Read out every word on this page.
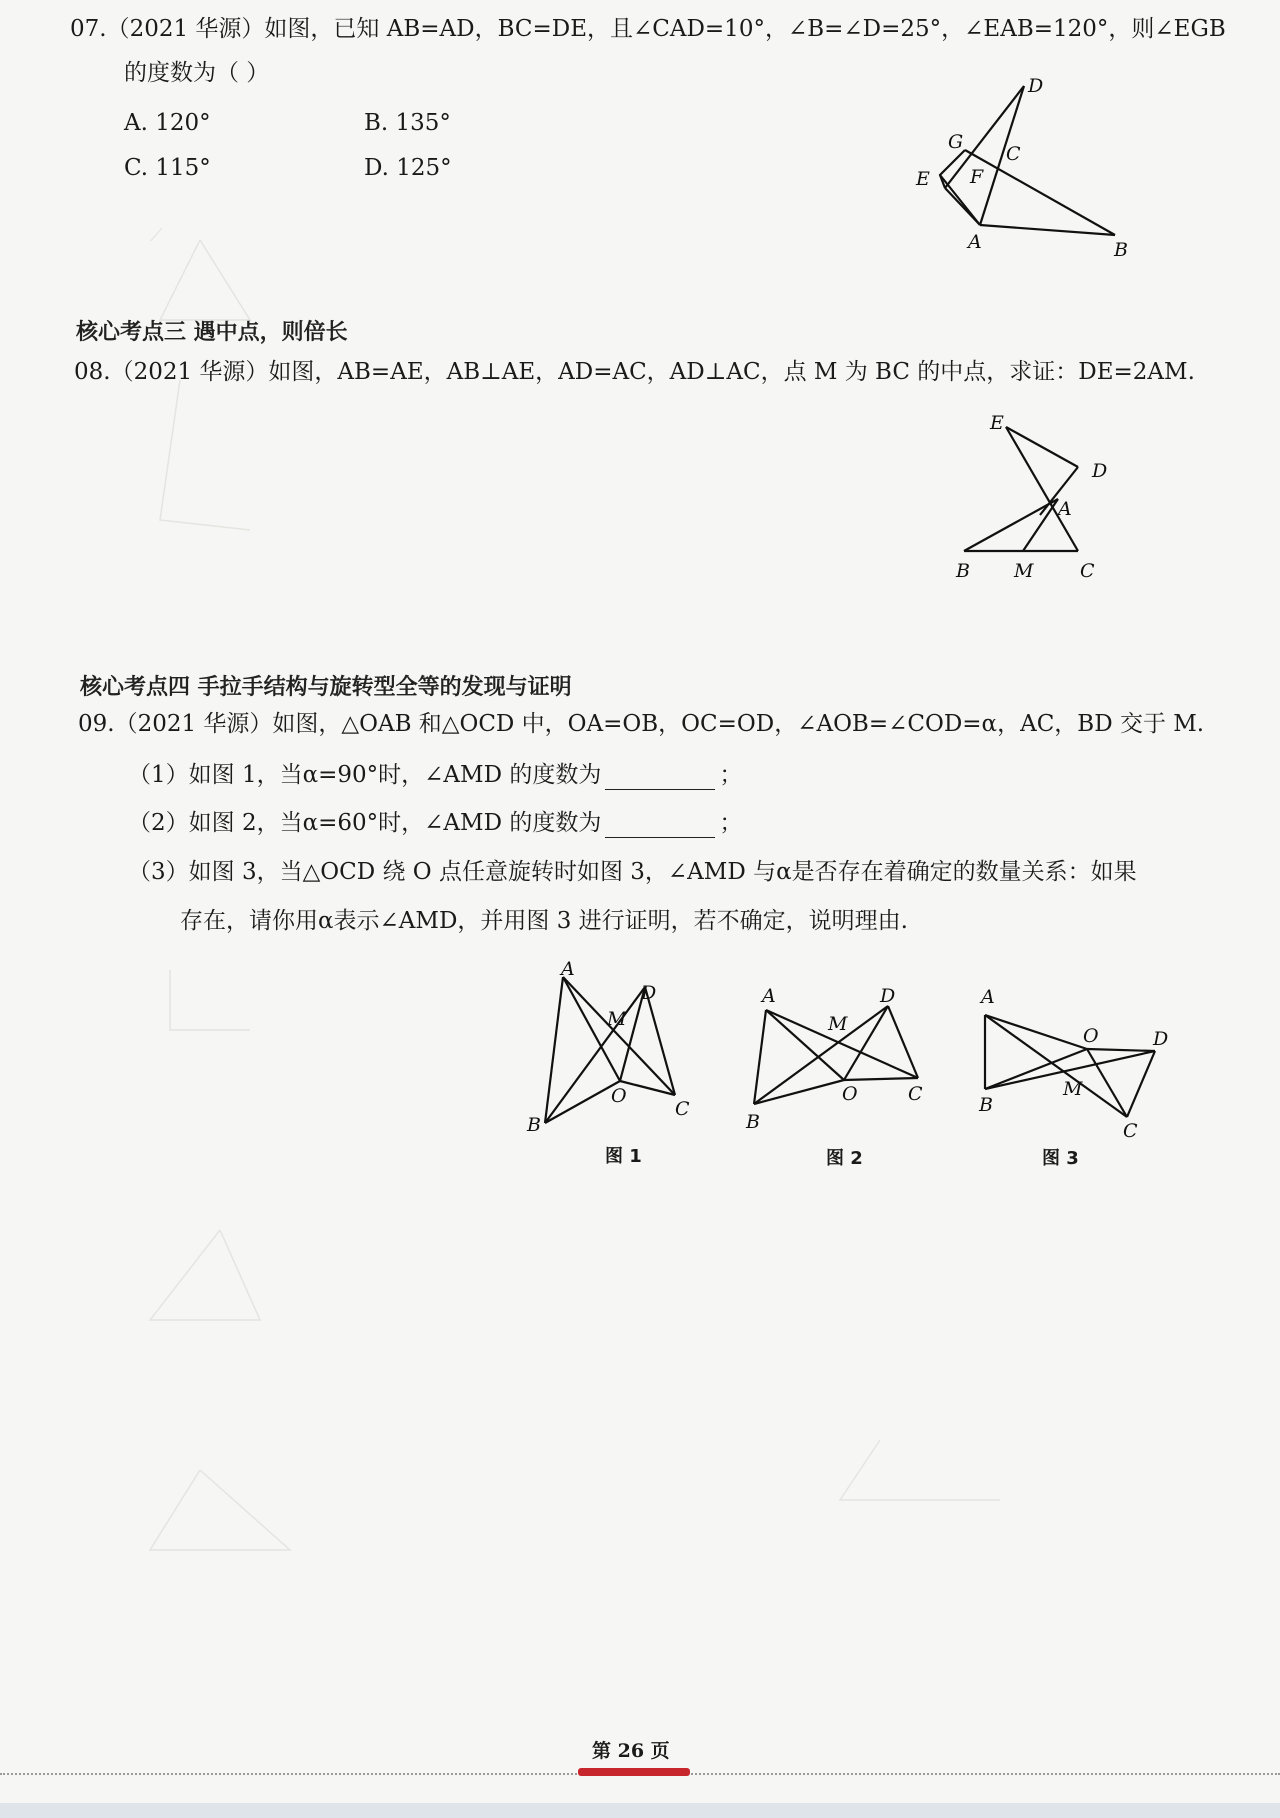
07.（2021 华源）如图，已知 AB=AD，BC=DE，且∠CAD=10°，∠B=∠D=25°，∠EAB=120°，则∠EGB
的度数为（ ）
A. 120°	B. 135°
C. 115°	D. 125°
D
G
C
E F
A	B
⟋
核心考点三 遇中点，则倍长
08.（2021 华源）如图，AB=AE，AB⊥AE，AD=AC，AD⊥AC，点 M 为 BC 的中点，求证：DE=2AM.
E
D
A
B M C
核心考点四 手拉手结构与旋转型全等的发现与证明
09.（2021 华源）如图，△OAB 和△OCD 中，OA=OB，OC=OD，∠AOB=∠COD=α，AC，BD 交于 M.
（1）如图 1，当α=90°时，∠AMD 的度数为	；
（2）如图 2，当α=60°时，∠AMD 的度数为	；
（3）如图 3，当△OCD 绕 O 点任意旋转时如图 3，∠AMD 与α是否存在着确定的数量关系：如果
存在，请你用α表示∠AMD，并用图 3 进行证明，若不确定，说明理由.
A
D
M
O
B
C
图 1
A	D
M
O
B
C
图 2
A
D
M
O
B
C
图 3
第 26 页
